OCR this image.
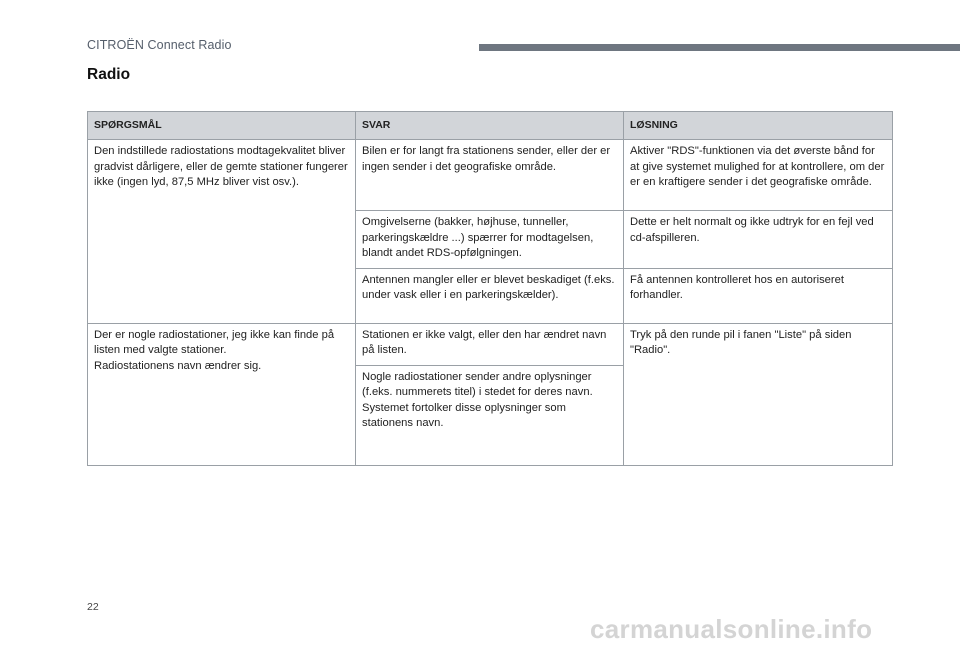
CITROËN Connect Radio
Radio
SPØRGSMÅL	SVAR	LØSNING
Den indstillede radiostations modtagekvalitet bliver gradvist dårligere, eller de gemte stationer fungerer ikke (ingen lyd, 87,5 MHz bliver vist osv.).	Bilen er for langt fra stationens sender, eller der er ingen sender i det geografiske område.	Aktiver "RDS"-funktionen via det øverste bånd for at give systemet mulighed for at kontrollere, om der er en kraftigere sender i det geografiske område.
	Omgivelserne (bakker, højhuse, tunneller, parkeringskældre ...) spærrer for modtagelsen, blandt andet RDS-opfølgningen.	Dette er helt normalt og ikke udtryk for en fejl ved cd-afspilleren.
	Antennen mangler eller er blevet beskadiget (f.eks. under vask eller i en parkeringskælder).	Få antennen kontrolleret hos en autoriseret forhandler.
Der er nogle radiostationer, jeg ikke kan finde på listen med valgte stationer.
Radiostationens navn ændrer sig.	Stationen er ikke valgt, eller den har ændret navn på listen.	Tryk på den runde pil i fanen "Liste" på siden "Radio".
	Nogle radiostationer sender andre oplysninger (f.eks. nummerets titel) i stedet for deres navn. Systemet fortolker disse oplysninger som stationens navn.	
22
carmanualsonline.info
